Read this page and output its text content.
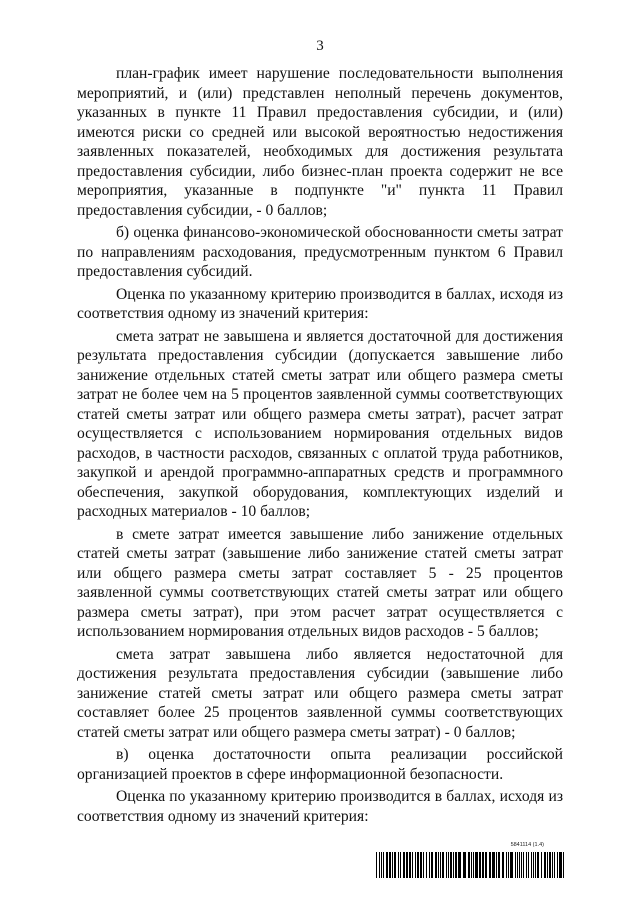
3

план-график имеет нарушение последовательности выполнения мероприятий, и (или) представлен неполный перечень документов, указанных в пункте 11 Правил предоставления субсидии, и (или) имеются риски со средней или высокой вероятностью недостижения заявленных показателей, необходимых для достижения результата предоставления субсидии, либо бизнес-план проекта содержит не все мероприятия, указанные в подпункте "и" пункта 11 Правил предоставления субсидии, - 0 баллов;

б) оценка финансово-экономической обоснованности сметы затрат по направлениям расходования, предусмотренным пунктом 6 Правил предоставления субсидий.

Оценка по указанному критерию производится в баллах, исходя из соответствия одному из значений критерия:

смета затрат не завышена и является достаточной для достижения результата предоставления субсидии (допускается завышение либо занижение отдельных статей сметы затрат или общего размера сметы затрат не более чем на 5 процентов заявленной суммы соответствующих статей сметы затрат или общего размера сметы затрат), расчет затрат осуществляется с использованием нормирования отдельных видов расходов, в частности расходов, связанных с оплатой труда работников, закупкой и арендой программно-аппаратных средств и программного обеспечения, закупкой оборудования, комплектующих изделий и расходных материалов - 10 баллов;

в смете затрат имеется завышение либо занижение отдельных статей сметы затрат (завышение либо занижение статей сметы затрат или общего размера сметы затрат составляет 5 - 25 процентов заявленной суммы соответствующих статей сметы затрат или общего размера сметы затрат), при этом расчет затрат осуществляется с использованием нормирования отдельных видов расходов - 5 баллов;

смета затрат завышена либо является недостаточной для достижения результата предоставления субсидии (завышение либо занижение статей сметы затрат или общего размера сметы затрат составляет более 25 процентов заявленной суммы соответствующих статей сметы затрат или общего размера сметы затрат) - 0 баллов;

в) оценка достаточности опыта реализации российской организацией проектов в сфере информационной безопасности.

Оценка по указанному критерию производится в баллах, исходя из соответствия одному из значений критерия:

5841114 (1.4)
